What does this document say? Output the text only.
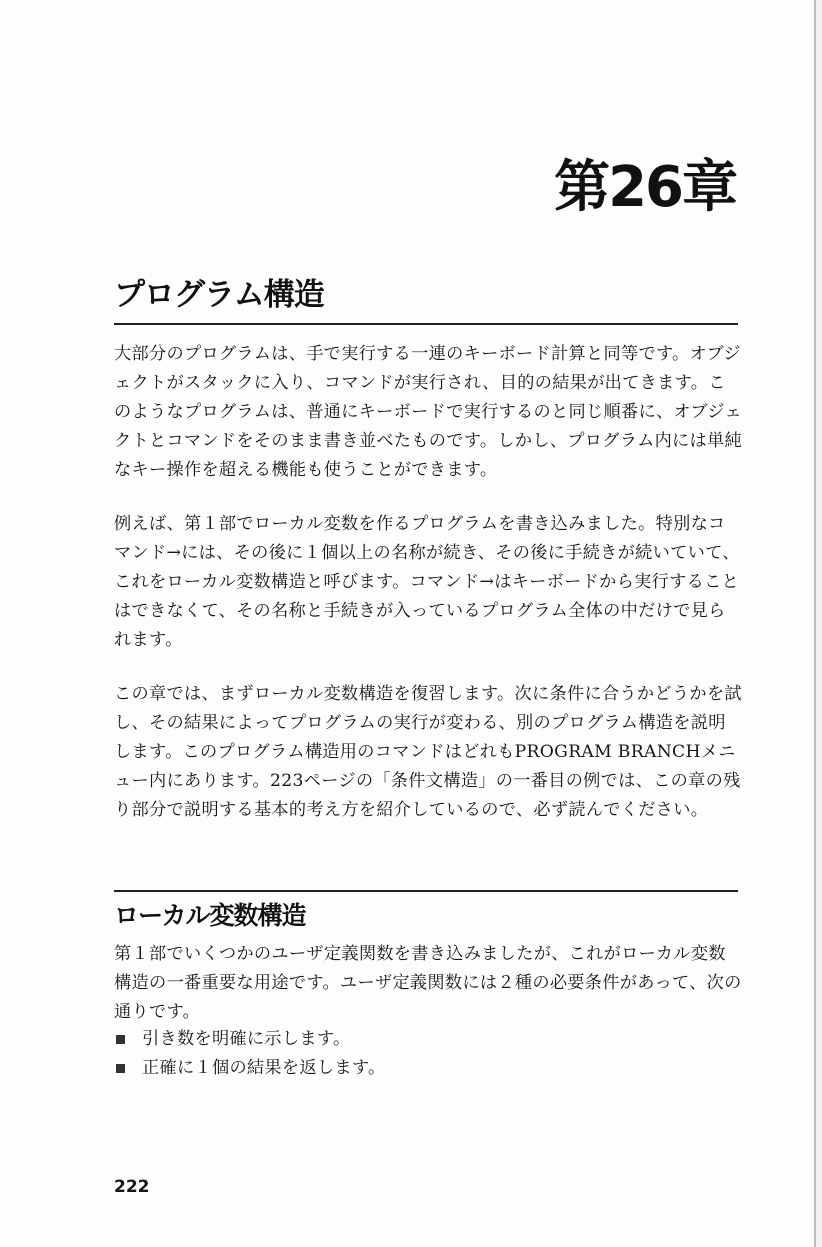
第26章
プログラム構造

大部分のプログラムは、手で実行する一連のキーボード計算と同等です。オブジェクトがスタックに入り、コマンドが実行され、目的の結果が出てきます。このようなプログラムは、普通にキーボードで実行するのと同じ順番に、オブジェクトとコマンドをそのまま書き並べたものです。しかし、プログラム内には単純なキー操作を超える機能も使うことができます。

例えば、第１部でローカル変数を作るプログラムを書き込みました。特別なコマンド→には、その後に１個以上の名称が続き、その後に手続きが続いていて、これをローカル変数構造と呼びます。コマンド→はキーボードから実行することはできなくて、その名称と手続きが入っているプログラム全体の中だけで見られます。

この章では、まずローカル変数構造を復習します。次に条件に合うかどうかを試し、その結果によってプログラムの実行が変わる、別のプログラム構造を説明します。このプログラム構造用のコマンドはどれもPROGRAM BRANCHメニュー内にあります。223ページの「条件文構造」の一番目の例では、この章の残り部分で説明する基本的考え方を紹介しているので、必ず読んでください。

ローカル変数構造

第１部でいくつかのユーザ定義関数を書き込みましたが、これがローカル変数構造の一番重要な用途です。ユーザ定義関数には２種の必要条件があって、次の通りです。

引き数を明確に示します。
正確に１個の結果を返します。
222
